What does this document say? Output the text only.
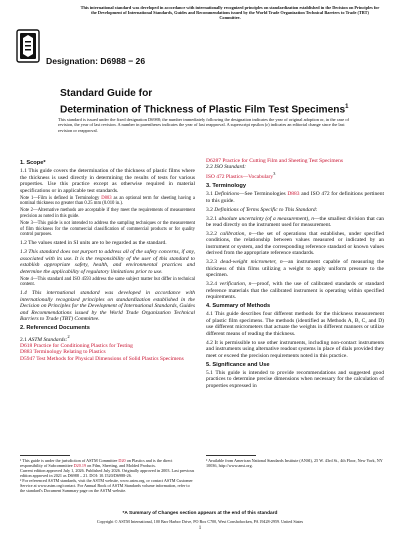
This international standard was developed in accordance with internationally recognized principles on standardization established in the Decision on Principles for the Development of International Standards, Guides and Recommendations issued by the World Trade Organization Technical Barriers to Trade (TBT) Committee.
Designation: D6988 − 26
Standard Guide for
Determination of Thickness of Plastic Film Test Specimens$^1$
This standard is issued under the fixed designation D6988; the number immediately following the designation indicates the year of original adoption or, in the case of revision, the year of last revision. A number in parentheses indicates the year of last reapproval. A superscript epsilon (ε) indicates an editorial change since the last revision or reapproval.
1. Scope*

1.1 This guide covers the determination of the thickness of plastic films where the thickness is used directly in determining the results of tests for various properties. Use this practice except as otherwise required in material specifications or in applicable test standards.

Note 1—Film is defined in Terminology D883 as an optional term for sheeting having a nominal thickness no greater than 0.25 mm (0.010 in.).

Note 2—Alternative methods are acceptable if they meet the requirements of measurement precision as noted in this guide.

Note 3—This guide is not intended to address the sampling techniques or the measurement of film thickness for the commercial classification of commercial products or for quality control purposes.

1.2 The values stated in SI units are to be regarded as the standard.

1.3 This standard does not purport to address all of the safety concerns, if any, associated with its use. It is the responsibility of the user of this standard to establish appropriate safety, health, and environmental practices and determine the applicability of regulatory limitations prior to use.

Note 4—This standard and ISO 4593 address the same subject matter but differ in technical content.

1.4 This international standard was developed in accordance with internationally recognized principles on standardization established in the Decision on Principles for the Development of International Standards, Guides and Recommendations issued by the World Trade Organization Technical Barriers to Trade (TBT) Committee.

2. Referenced Documents

2.1 ASTM Standards:$^2$

D618 Practice for Conditioning Plastics for Testing

D883 Terminology Relating to Plastics

D5947 Test Methods for Physical Dimensions of Solid Plastics Specimens

D6287 Practice for Cutting Film and Sheeting Test Specimens

2.2 ISO Standard:

ISO 472 Plastics—Vocabulary$^3$

3. Terminology

3.1 Definitions—See Terminologies D883 and ISO 472 for definitions pertinent to this guide.

3.2 Definitions of Terms Specific to This Standard:

3.2.1 absolute uncertainty (of a measurement), n—the smallest division that can be read directly on the instrument used for measurement.

3.2.2 calibration, n—the set of operations that establishes, under specified conditions, the relationship between values measured or indicated by an instrument or system, and the corresponding reference standard or known values derived from the appropriate reference standards.

3.2.3 dead-weight micrometer, n—an instrument capable of measuring the thickness of thin films utilizing a weight to apply uniform pressure to the specimen.

3.2.4 verification, n—proof, with the use of calibrated standards or standard reference materials that the calibrated instrument is operating within specified requirements.

4. Summary of Methods

4.1 This guide describes four different methods for the thickness measurement of plastic film specimens. The methods (identified as Methods A, B, C, and D) use different micrometers that actuate the weights in different manners or utilize different means of reading the thickness.

4.2 It is permissible to use other instruments, including non-contact instruments and instruments using alternative readout systems in place of dials provided they meet or exceed the precision requirements noted in this practice.

5. Significance and Use

5.1 This guide is intended to provide recommendations and suggested good practices to determine precise dimensions when necessary for the calculation of properties expressed in

¹ This guide is under the jurisdiction of ASTM Committee D20 on Plastics and is the direct responsibility of Subcommittee D20.19 on Film, Sheeting, and Molded Products.

Current edition approved July 1, 2026. Published July 2026. Originally approved in 2003. Last previous edition approved in 2021 as D6988 – 21. DOI: 10.1520/D6988-26.

² For referenced ASTM standards, visit the ASTM website, www.astm.org, or contact ASTM Customer Service at www.astm.org/contact. For Annual Book of ASTM Standards volume information, refer to the standard's Document Summary page on the ASTM website.

³ Available from American National Standards Institute (ANSI), 25 W. 43rd St., 4th Floor, New York, NY 10036, http://www.ansi.org.

*A Summary of Changes section appears at the end of this standard
Copyright © ASTM International, 100 Barr Harbor Drive, PO Box C700, West Conshohocken, PA 19428-2959. United States
1
